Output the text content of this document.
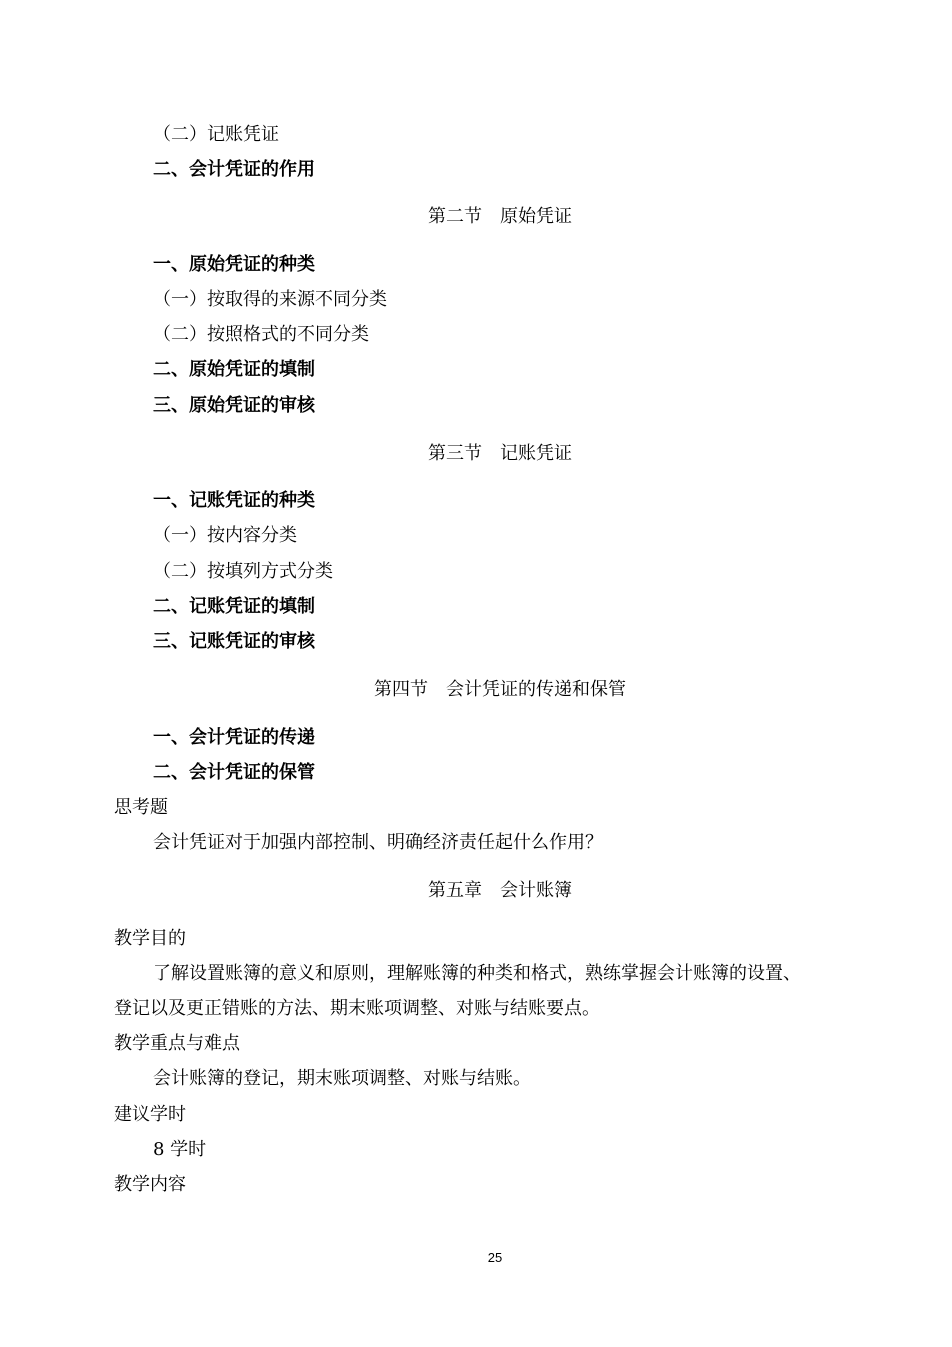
（二）记账凭证
二、会计凭证的作用
第二节　原始凭证
一、原始凭证的种类
（一）按取得的来源不同分类
（二）按照格式的不同分类
二、原始凭证的填制
三、原始凭证的审核
第三节　记账凭证
一、记账凭证的种类
（一）按内容分类
（二）按填列方式分类
二、记账凭证的填制
三、记账凭证的审核
第四节　会计凭证的传递和保管
一、会计凭证的传递
二、会计凭证的保管
思考题
会计凭证对于加强内部控制、明确经济责任起什么作用？
第五章　会计账簿
教学目的
了解设置账簿的意义和原则，理解账簿的种类和格式，熟练掌握会计账簿的设置、
登记以及更正错账的方法、期末账项调整、对账与结账要点。
教学重点与难点
会计账簿的登记，期末账项调整、对账与结账。
建议学时
8 学时
教学内容
25
